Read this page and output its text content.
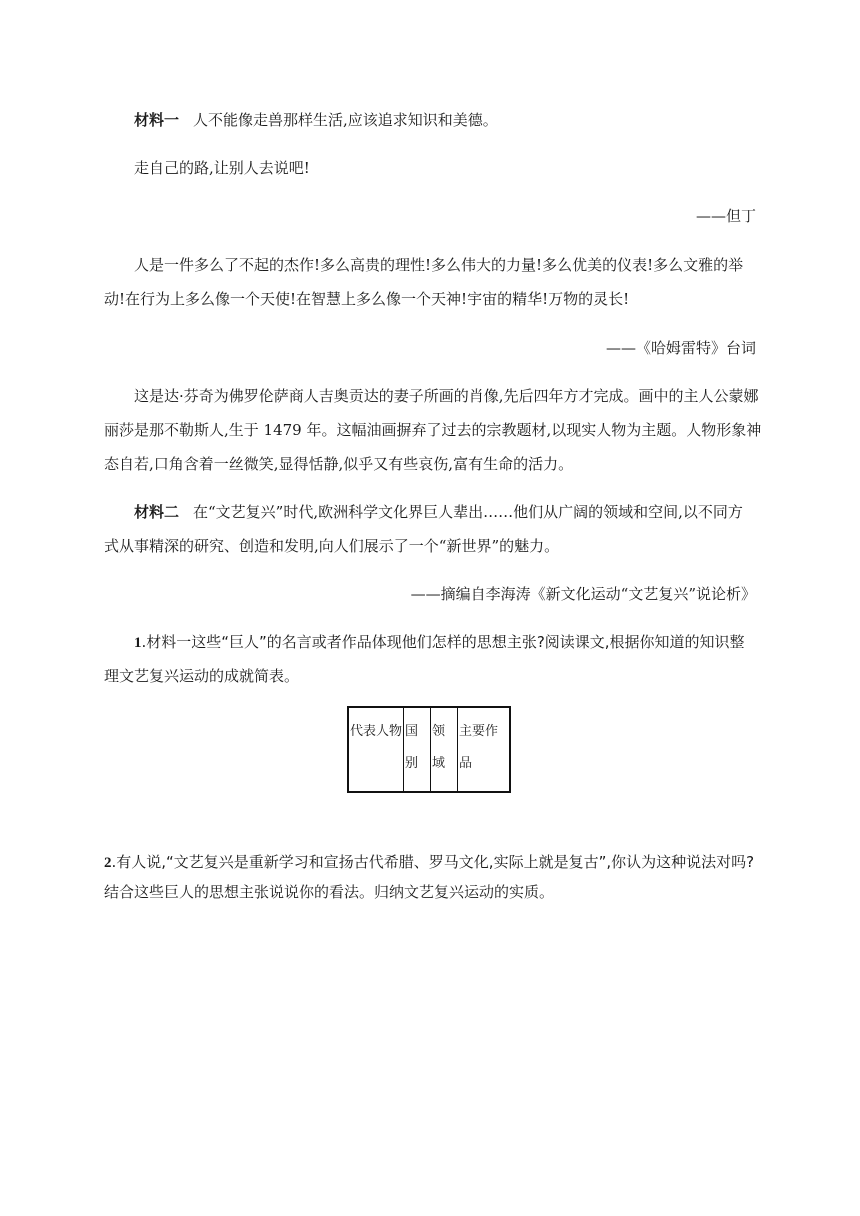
材料一 人不能像走兽那样生活,应该追求知识和美德。
走自己的路,让别人去说吧!
——但丁
人是一件多么了不起的杰作!多么高贵的理性!多么伟大的力量!多么优美的仪表!多么文雅的举
动!在行为上多么像一个天使!在智慧上多么像一个天神!宇宙的精华!万物的灵长!
——《哈姆雷特》台词
这是达·芬奇为佛罗伦萨商人吉奥贡达的妻子所画的肖像,先后四年方才完成。画中的主人公蒙娜
丽莎是那不勒斯人,生于 1479 年。这幅油画摒弃了过去的宗教题材,以现实人物为主题。人物形象神
态自若,口角含着一丝微笑,显得恬静,似乎又有些哀伤,富有生命的活力。
材料二 在“文艺复兴”时代,欧洲科学文化界巨人辈出……他们从广阔的领域和空间,以不同方
式从事精深的研究、创造和发明,向人们展示了一个“新世界”的魅力。
——摘编自李海涛《新文化运动“文艺复兴”说论析》
1.材料一这些“巨人”的名言或者作品体现他们怎样的思想主张?阅读课文,根据你知道的知识整
理文艺复兴运动的成就简表。
代表人物	国别	领域	主要作品
2.有人说,“文艺复兴是重新学习和宣扬古代希腊、罗马文化,实际上就是复古”,你认为这种说法对吗?
结合这些巨人的思想主张说说你的看法。归纳文艺复兴运动的实质。
